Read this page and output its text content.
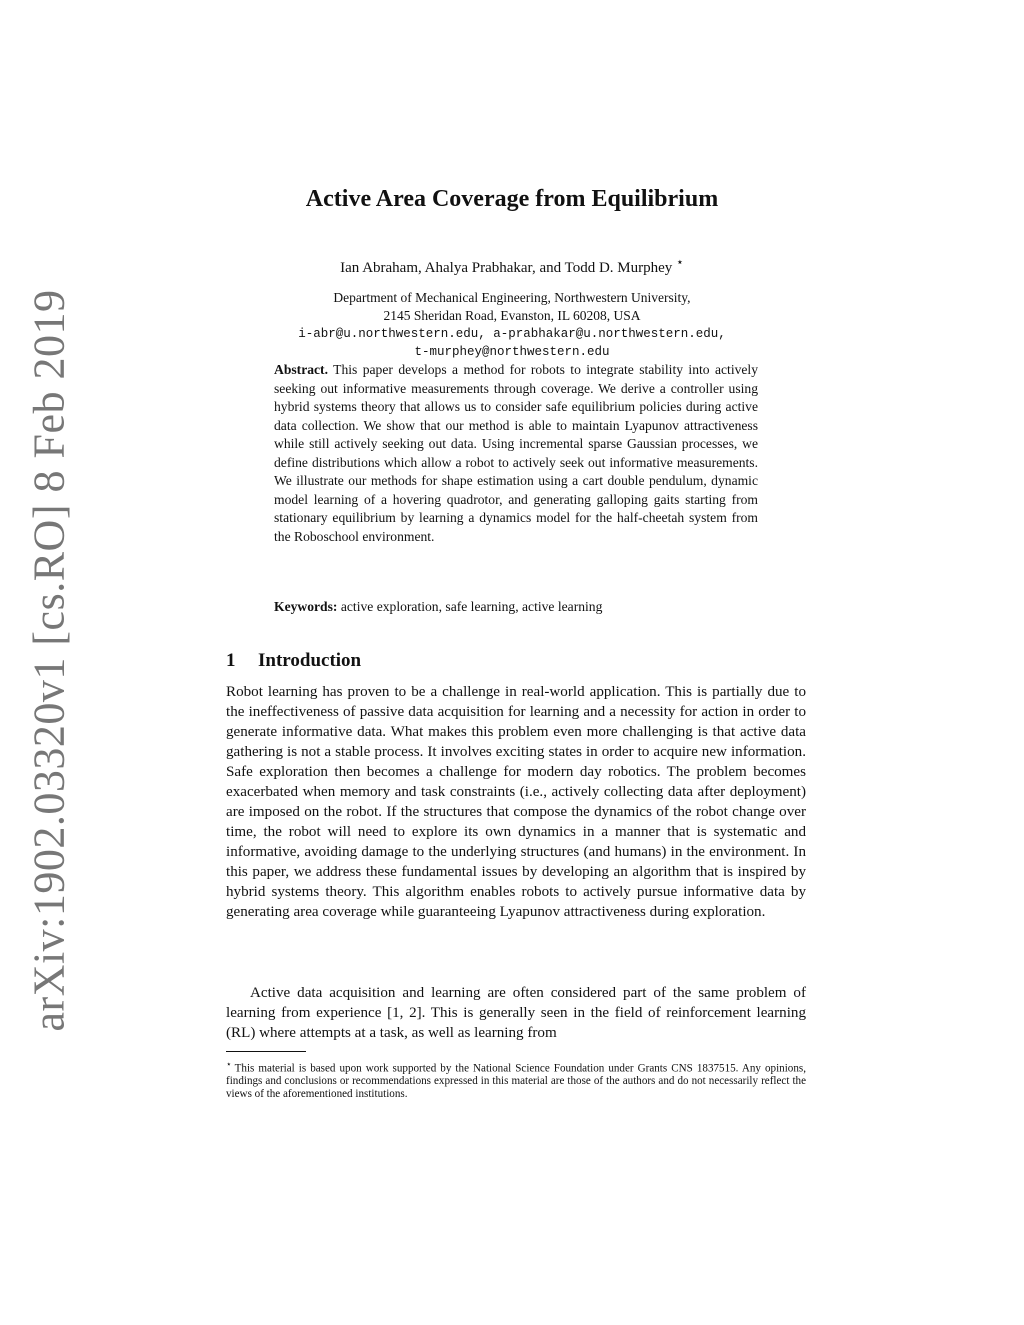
arXiv:1902.03320v1 [cs.RO] 8 Feb 2019
Active Area Coverage from Equilibrium
Ian Abraham, Ahalya Prabhakar, and Todd D. Murphey ⋆
Department of Mechanical Engineering, Northwestern University,
2145 Sheridan Road, Evanston, IL 60208, USA
i-abr@u.northwestern.edu, a-prabhakar@u.northwestern.edu,
t-murphey@northwestern.edu

Abstract. This paper develops a method for robots to integrate stability into actively seeking out informative measurements through coverage. We derive a controller using hybrid systems theory that allows us to consider safe equilibrium policies during active data collection. We show that our method is able to maintain Lyapunov attractiveness while still actively seeking out data. Using incremental sparse Gaussian processes, we define distributions which allow a robot to actively seek out informative measurements. We illustrate our methods for shape estimation using a cart double pendulum, dynamic model learning of a hovering quadrotor, and generating galloping gaits starting from stationary equilibrium by learning a dynamics model for the half-cheetah system from the Roboschool environment.

Keywords: active exploration, safe learning, active learning

1 Introduction

Robot learning has proven to be a challenge in real-world application. This is partially due to the ineffectiveness of passive data acquisition for learning and a necessity for action in order to generate informative data. What makes this problem even more challenging is that active data gathering is not a stable process. It involves exciting states in order to acquire new information. Safe exploration then becomes a challenge for modern day robotics. The problem becomes exacerbated when memory and task constraints (i.e., actively collecting data after deployment) are imposed on the robot. If the structures that compose the dynamics of the robot change over time, the robot will need to explore its own dynamics in a manner that is systematic and informative, avoiding damage to the underlying structures (and humans) in the environment. In this paper, we address these fundamental issues by developing an algorithm that is inspired by hybrid systems theory. This algorithm enables robots to actively pursue informative data by generating area coverage while guaranteeing Lyapunov attractiveness during exploration.

Active data acquisition and learning are often considered part of the same problem of learning from experience [1, 2]. This is generally seen in the field of reinforcement learning (RL) where attempts at a task, as well as learning from

⋆ This material is based upon work supported by the National Science Foundation under Grants CNS 1837515. Any opinions, findings and conclusions or recommendations expressed in this material are those of the authors and do not necessarily reflect the views of the aforementioned institutions.
